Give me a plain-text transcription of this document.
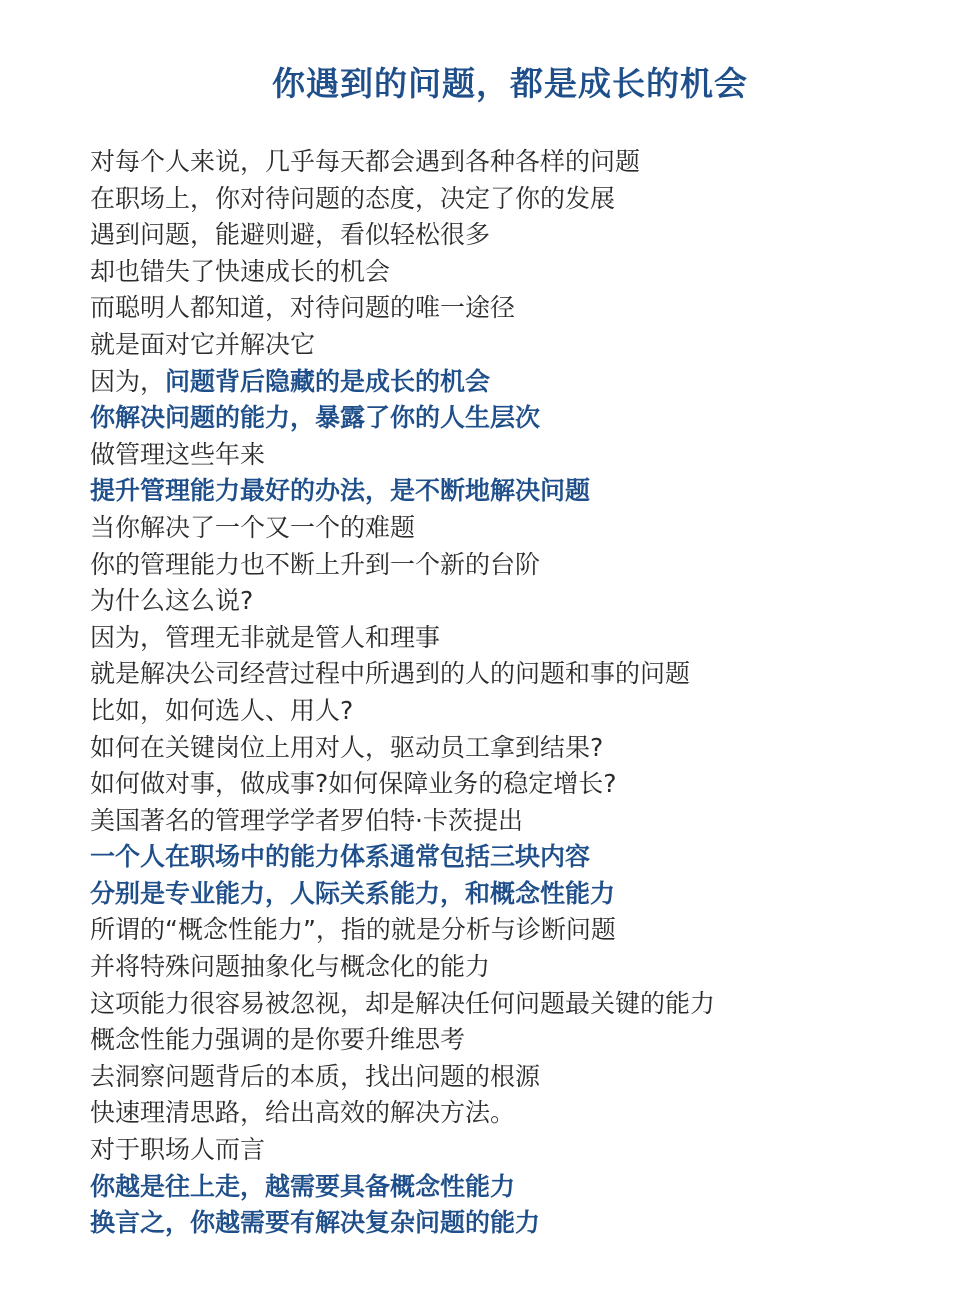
你遇到的问题，都是成长的机会
对每个人来说，几乎每天都会遇到各种各样的问题
在职场上，你对待问题的态度，决定了你的发展
遇到问题，能避则避，看似轻松很多
却也错失了快速成长的机会
而聪明人都知道，对待问题的唯一途径
就是面对它并解决它
因为，问题背后隐藏的是成长的机会
你解决问题的能力，暴露了你的人生层次
做管理这些年来
提升管理能力最好的办法，是不断地解决问题
当你解决了一个又一个的难题
你的管理能力也不断上升到一个新的台阶
为什么这么说?
因为，管理无非就是管人和理事
就是解决公司经营过程中所遇到的人的问题和事的问题
比如，如何选人、用人?
如何在关键岗位上用对人，驱动员工拿到结果?
如何做对事，做成事?如何保障业务的稳定增长?
美国著名的管理学学者罗伯特·卡茨提出
一个人在职场中的能力体系通常包括三块内容
分别是专业能力，人际关系能力，和概念性能力
所谓的“概念性能力”，指的就是分析与诊断问题
并将特殊问题抽象化与概念化的能力
这项能力很容易被忽视，却是解决任何问题最关键的能力
概念性能力强调的是你要升维思考
去洞察问题背后的本质，找出问题的根源
快速理清思路，给出高效的解决方法。
对于职场人而言
你越是往上走，越需要具备概念性能力
换言之，你越需要有解决复杂问题的能力
